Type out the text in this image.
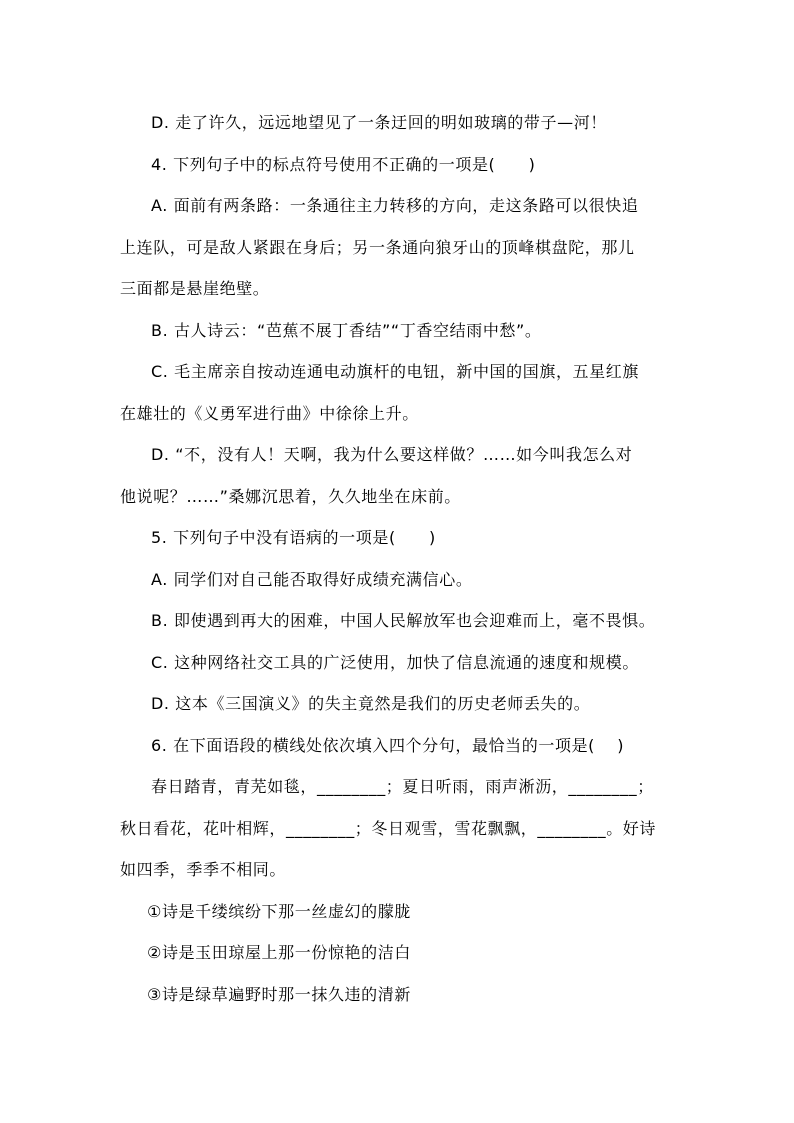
D. 走了许久，远远地望见了一条迂回的明如玻璃的带子—河！
4. 下列句子中的标点符号使用不正确的一项是(　　)
A. 面前有两条路：一条通往主力转移的方向，走这条路可以很快追
上连队，可是敌人紧跟在身后；另一条通向狼牙山的顶峰棋盘陀，那儿
三面都是悬崖绝壁。
B. 古人诗云：“芭蕉不展丁香结”“丁香空结雨中愁”。
C. 毛主席亲自按动连通电动旗杆的电钮，新中国的国旗，五星红旗
在雄壮的《义勇军进行曲》中徐徐上升。
D. “不，没有人！天啊，我为什么要这样做？……如今叫我怎么对
他说呢？……”桑娜沉思着，久久地坐在床前。
5. 下列句子中没有语病的一项是(　　)
A. 同学们对自己能否取得好成绩充满信心。
B. 即使遇到再大的困难，中国人民解放军也会迎难而上，毫不畏惧。
C. 这种网络社交工具的广泛使用，加快了信息流通的速度和规模。
D. 这本《三国演义》的失主竟然是我们的历史老师丢失的。
6. 在下面语段的横线处依次填入四个分句，最恰当的一项是(　 )
春日踏青，青芜如毯，________；夏日听雨，雨声淅沥，________；
秋日看花，花叶相辉，________；冬日观雪，雪花飘飘，________。好诗
如四季，季季不相同。
①诗是千缕缤纷下那一丝虚幻的朦胧
②诗是玉田琼屋上那一份惊艳的洁白
③诗是绿草遍野时那一抹久违的清新
